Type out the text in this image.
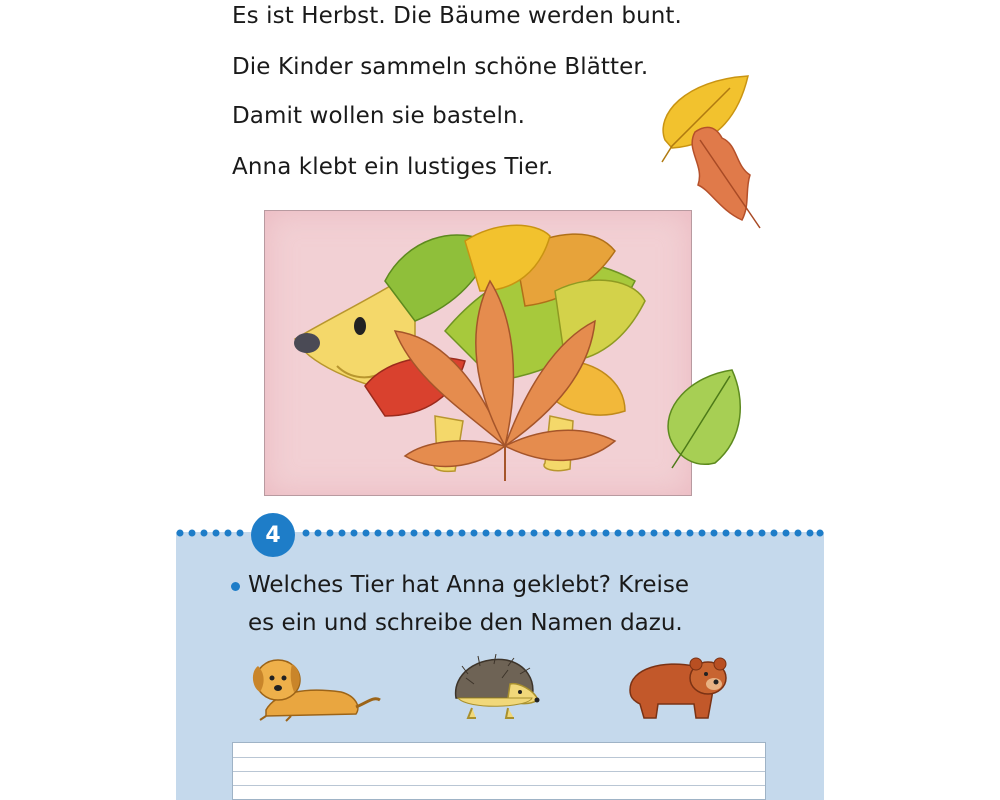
Es ist Herbst. Die Bäume werden bunt.

Die Kinder sammeln schöne Blätter.

Damit wollen sie basteln.

Anna klebt ein lustiges Tier.

4
Welches Tier hat Anna geklebt? Kreise
es ein und schreibe den Namen dazu.
